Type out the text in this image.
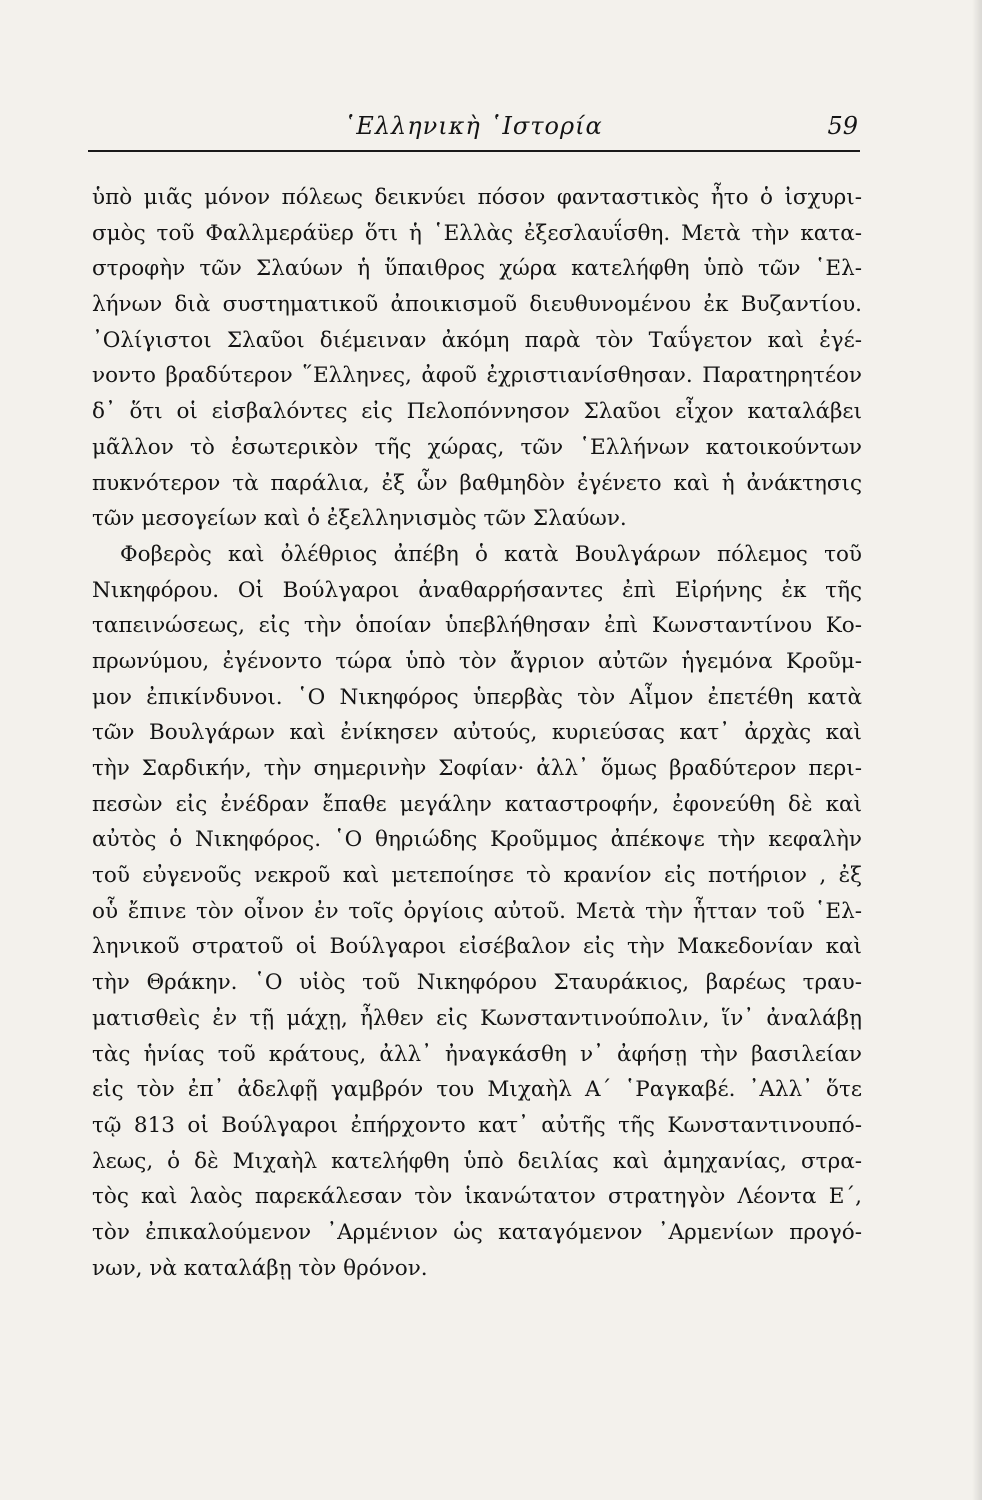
῾Ελληνικὴ ῾Ιστορία	59
ὑπὸ μιᾶς μόνον πόλεως δεικνύει πόσον φανταστικὸς ἦτο ὁ ἰσχυρι-
σμὸς τοῦ Φαλλμεράϋερ ὅτι ἡ ῾Ελλὰς ἐξεσλαυΐσθη. Μετὰ τὴν κατα-
στροφὴν τῶν Σλαύων ἡ ὕπαιθρος χώρα κατελήφθη ὑπὸ τῶν ῾Ελ-
λήνων διὰ συστηματικοῦ ἀποικισμοῦ διευθυνομένου ἐκ Βυζαντίου.
᾿Ολίγιστοι Σλαῦοι διέμειναν ἀκόμη παρὰ τὸν Ταΰγετον καὶ ἐγέ-
νοντο βραδύτερον ῞Ελληνες, ἀφοῦ ἐχριστιανίσθησαν. Παρατηρητέον
δ᾿ ὅτι οἱ εἰσβαλόντες εἰς Πελοπόννησον Σλαῦοι εἶχον καταλάβει
μᾶλλον τὸ ἐσωτερικὸν τῆς χώρας, τῶν ῾Ελλήνων κατοικούντων
πυκνότερον τὰ παράλια, ἐξ ὧν βαθμηδὸν ἐγένετο καὶ ἡ ἀνάκτησις
τῶν μεσογείων καὶ ὁ ἐξελληνισμὸς τῶν Σλαύων.
Φοβερὸς καὶ ὀλέθριος ἀπέβη ὁ κατὰ Βουλγάρων πόλεμος τοῦ
Νικηφόρου. Οἱ Βούλγαροι ἀναθαρρήσαντες ἐπὶ Εἰρήνης ἐκ τῆς
ταπεινώσεως, εἰς τὴν ὁποίαν ὑπεβλήθησαν ἐπὶ Κωνσταντίνου Κο-
πρωνύμου, ἐγένοντο τώρα ὑπὸ τὸν ἄγριον αὐτῶν ἡγεμόνα Κροῦμ-
μον ἐπικίνδυνοι. ῾Ο Νικηφόρος ὑπερβὰς τὸν Αἶμον ἐπετέθη κατὰ
τῶν Βουλγάρων καὶ ἐνίκησεν αὐτούς, κυριεύσας κατ᾿ ἀρχὰς καὶ
τὴν Σαρδικήν, τὴν σημερινὴν Σοφίαν· ἀλλ᾿ ὅμως βραδύτερον περι-
πεσὼν εἰς ἐνέδραν ἔπαθε μεγάλην καταστροφήν, ἐφονεύθη δὲ καὶ
αὐτὸς ὁ Νικηφόρος. ῾Ο θηριώδης Κροῦμμος ἀπέκοψε τὴν κεφαλὴν
τοῦ εὐγενοῦς νεκροῦ καὶ μετεποίησε τὸ κρανίον εἰς ποτήριον , ἐξ
οὗ ἔπινε τὸν οἶνον ἐν τοῖς ὀργίοις αὐτοῦ. Μετὰ τὴν ἧτταν τοῦ ῾Ελ-
ληνικοῦ στρατοῦ οἱ Βούλγαροι εἰσέβαλον εἰς τὴν Μακεδονίαν καὶ
τὴν Θράκην. ῾Ο υἱὸς τοῦ Νικηφόρου Σταυράκιος, βαρέως τραυ-
ματισθεὶς ἐν τῇ μάχῃ, ἦλθεν εἰς Κωνσταντινούπολιν, ἵν᾿ ἀναλάβῃ
τὰς ἡνίας τοῦ κράτους, ἀλλ᾿ ἠναγκάσθη ν᾿ ἀφήσῃ τὴν βασιλείαν
εἰς τὸν ἐπ᾿ ἀδελφῇ γαμβρόν του Μιχαὴλ Α΄ ῾Ραγκαβέ. ᾿Αλλ᾿ ὅτε
τῷ 813 οἱ Βούλγαροι ἐπήρχοντο κατ᾿ αὐτῆς τῆς Κωνσταντινουπό-
λεως, ὁ δὲ Μιχαὴλ κατελήφθη ὑπὸ δειλίας καὶ ἀμηχανίας, στρα-
τὸς καὶ λαὸς παρεκάλεσαν τὸν ἱκανώτατον στρατηγὸν Λέοντα Ε΄,
τὸν ἐπικαλούμενον ᾿Αρμένιον ὡς καταγόμενον ᾿Αρμενίων προγό-
νων, νὰ καταλάβῃ τὸν θρόνον.
